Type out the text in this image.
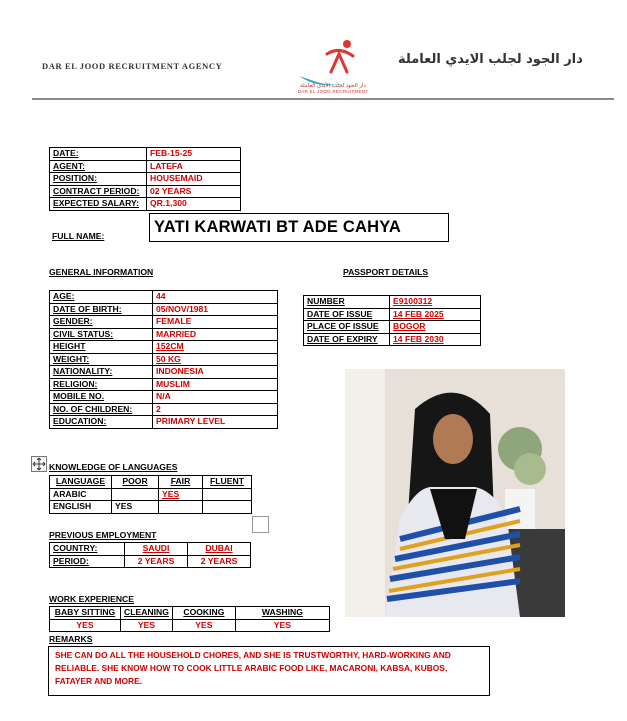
DAR EL JOOD RECRUITMENT AGENCY	دار الجود لجلب الايدي العاملة
دار الجود لجلب الأيدي العاملة
DAR EL JOOD RECRUITMENT
DATE:	FEB-15-25
AGENT:	LATEFA
POSITION:	HOUSEMAID
CONTRACT PERIOD:	02 YEARS
EXPECTED SALARY:	QR.1,300
FULL NAME:	YATI KARWATI BT ADE CAHYA
GENERAL INFORMATION
AGE:	44
DATE OF BIRTH:	05/NOV/1981
GENDER:	FEMALE
CIVIL STATUS:	MARRIED
HEIGHT	152CM
WEIGHT:	50 KG
NATIONALITY:	INDONESIA
RELIGION:	MUSLIM
MOBILE NO.	N/A
NO. OF CHILDREN:	2
EDUCATION:	PRIMARY LEVEL
PASSPORT DETAILS
NUMBER	E9100312
DATE OF ISSUE	14 FEB 2025
PLACE OF ISSUE	BOGOR
DATE OF EXPIRY	14 FEB 2030
KNOWLEDGE OF LANGUAGES
LANGUAGE	POOR	FAIR	FLUENT
ARABIC		YES	
ENGLISH	YES		
PREVIOUS EMPLOYMENT
COUNTRY:	SAUDI	DUBAI
PERIOD:	2 YEARS	2 YEARS
WORK EXPERIENCE
BABY SITTING	CLEANING	COOKING	WASHING
YES	YES	YES	YES
REMARKS
SHE CAN DO ALL THE HOUSEHOLD CHORES, AND SHE IS TRUSTWORTHY, HARD-WORKING AND RELIABLE. SHE KNOW HOW TO COOK LITTLE ARABIC FOOD LIKE, MACARONI, KABSA, KUBOS, FATAYER AND MORE.
